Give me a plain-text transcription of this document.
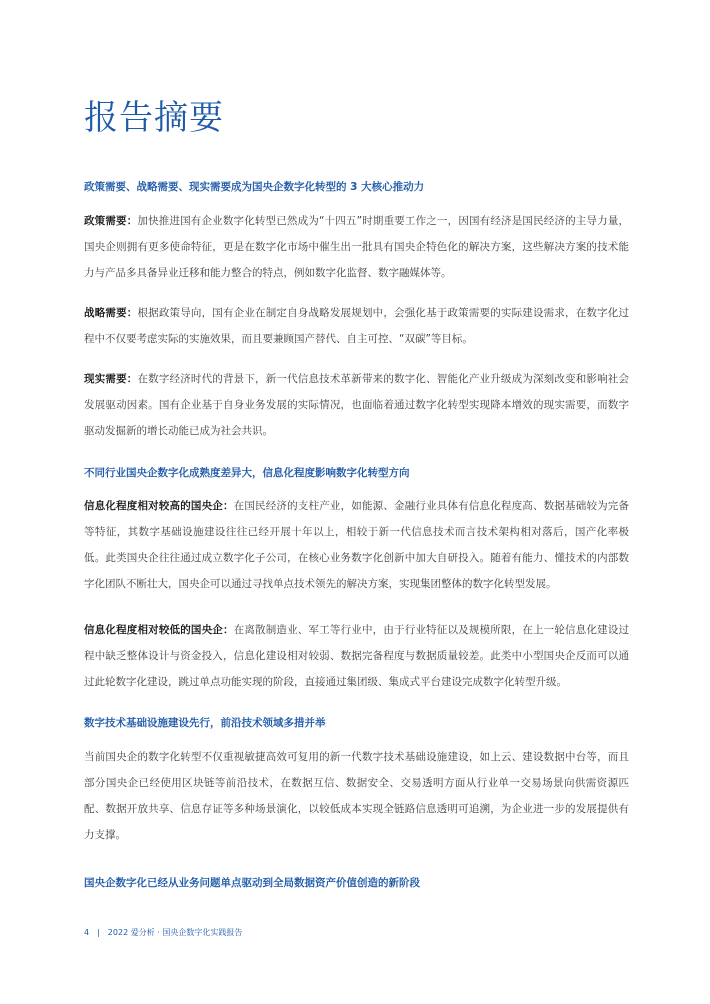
报告摘要

政策需要、战略需要、现实需要成为国央企数字化转型的 3 大核心推动力

政策需要：加快推进国有企业数字化转型已然成为“十四五”时期重要工作之一，因国有经济是国民经济的主导力量，国央企则拥有更多使命特征，更是在数字化市场中催生出一批具有国央企特色化的解决方案，这些解决方案的技术能力与产品多具备异业迁移和能力整合的特点，例如数字化监督、数字融媒体等。

战略需要：根据政策导向，国有企业在制定自身战略发展规划中，会强化基于政策需要的实际建设需求，在数字化过程中不仅要考虑实际的实施效果，而且要兼顾国产替代、自主可控、“双碳”等目标。

现实需要：在数字经济时代的背景下，新一代信息技术革新带来的数字化、智能化产业升级成为深刻改变和影响社会发展驱动因素。国有企业基于自身业务发展的实际情况，也面临着通过数字化转型实现降本增效的现实需要，而数字驱动发掘新的增长动能已成为社会共识。

不同行业国央企数字化成熟度差异大，信息化程度影响数字化转型方向

信息化程度相对较高的国央企：在国民经济的支柱产业，如能源、金融行业具体有信息化程度高、数据基础较为完备等特征，其数字基础设施建设往往已经开展十年以上，相较于新一代信息技术而言技术架构相对落后，国产化率极低。此类国央企往往通过成立数字化子公司，在核心业务数字化创新中加大自研投入。随着有能力、懂技术的内部数字化团队不断壮大，国央企可以通过寻找单点技术领先的解决方案，实现集团整体的数字化转型发展。

信息化程度相对较低的国央企：在离散制造业、军工等行业中，由于行业特征以及规模所限，在上一轮信息化建设过程中缺乏整体设计与资金投入，信息化建设相对较弱、数据完备程度与数据质量较差。此类中小型国央企反而可以通过此轮数字化建设，跳过单点功能实现的阶段，直接通过集团级、集成式平台建设完成数字化转型升级。

数字技术基础设施建设先行，前沿技术领域多措并举

当前国央企的数字化转型不仅重视敏捷高效可复用的新一代数字技术基础设施建设，如上云、建设数据中台等，而且部分国央企已经使用区块链等前沿技术，在数据互信、数据安全、交易透明方面从行业单一交易场景向供需资源匹配、数据开放共享、信息存证等多种场景演化，以较低成本实现全链路信息透明可追溯，为企业进一步的发展提供有力支撑。

国央企数字化已经从业务问题单点驱动到全局数据资产价值创造的新阶段

4 | 2022 爱分析 · 国央企数字化实践报告
